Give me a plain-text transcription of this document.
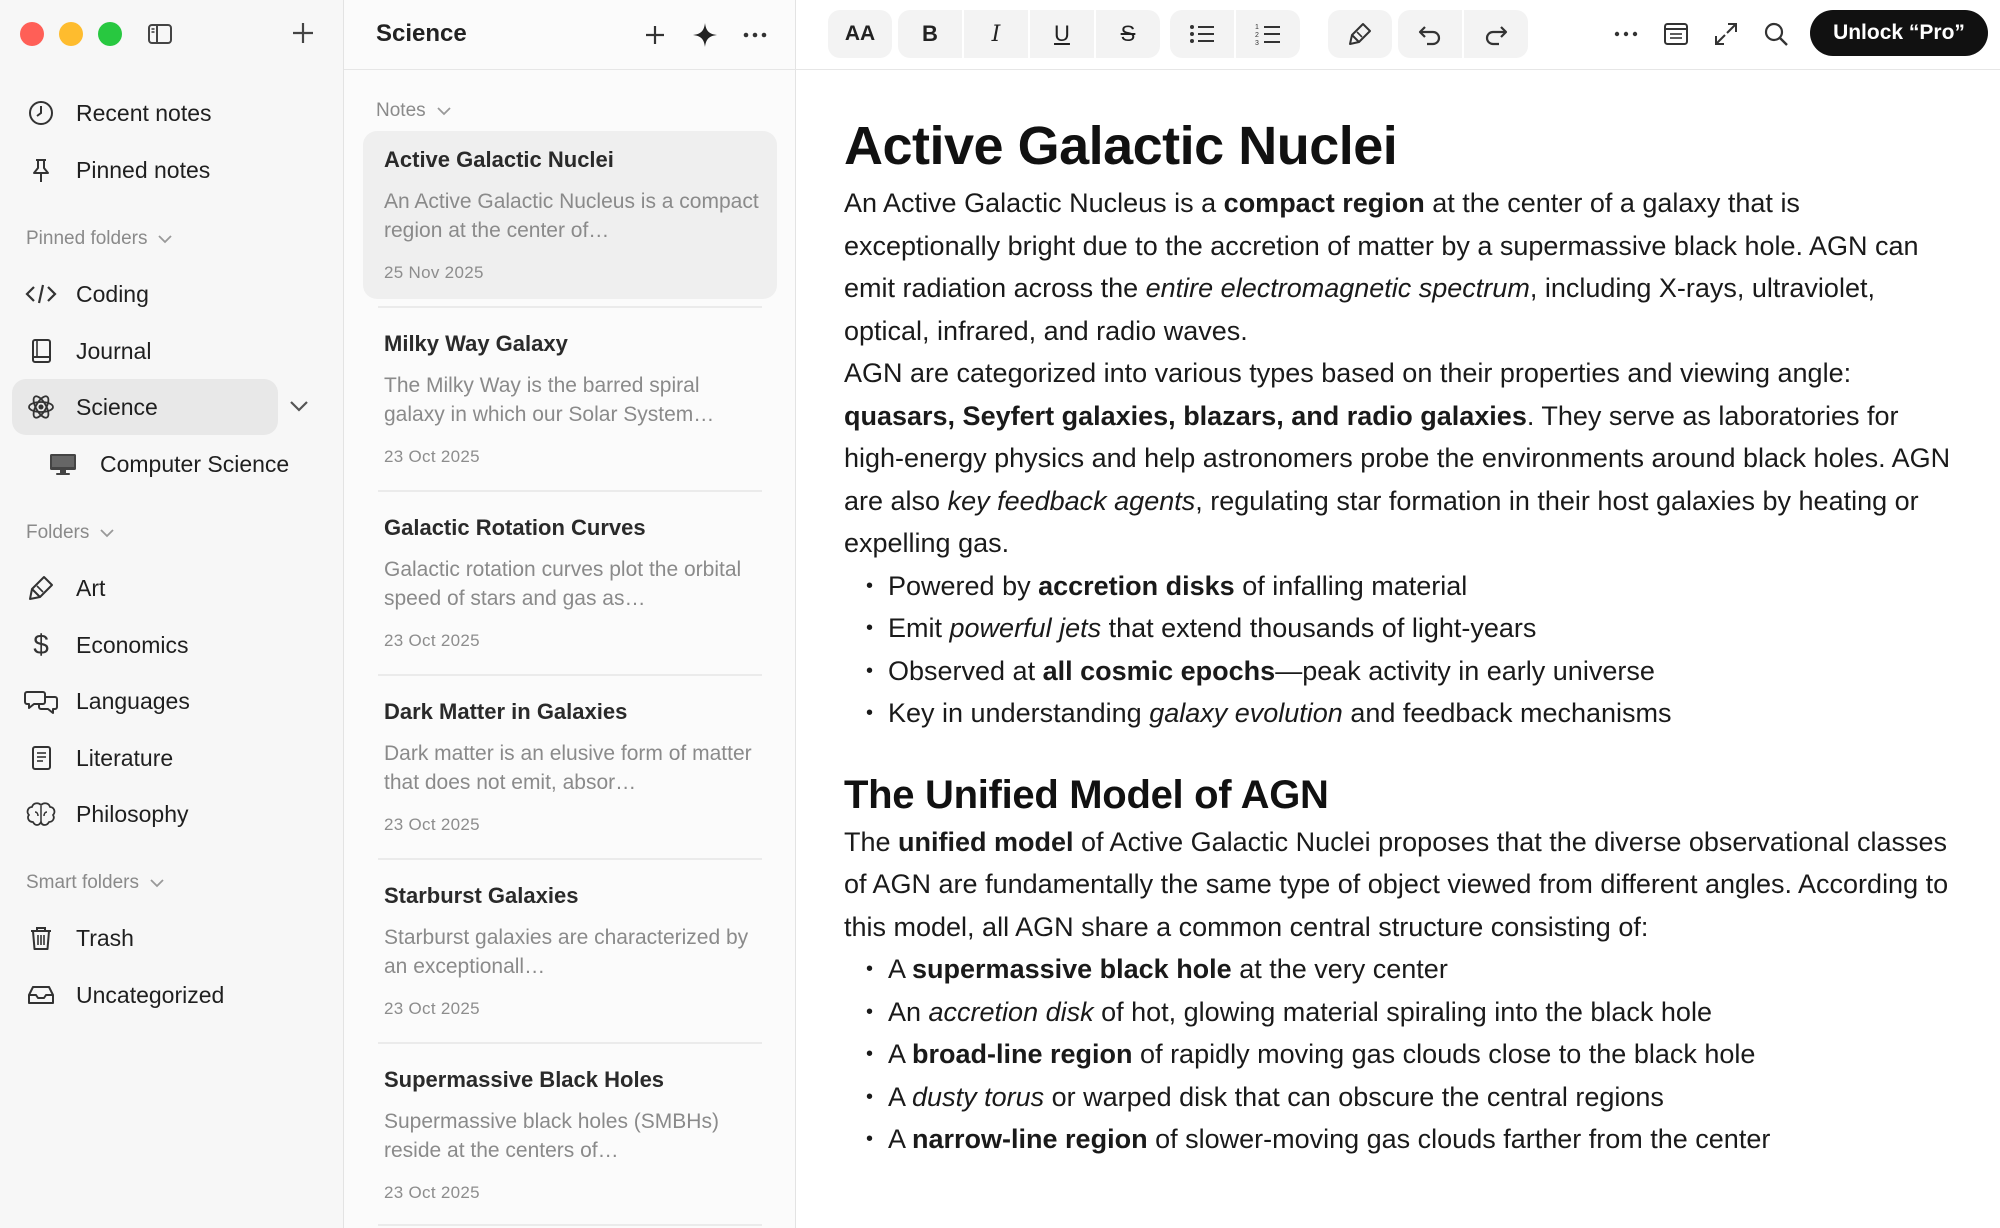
Recent notes
Pinned notes
Pinned folders
Coding
Journal
Science
Computer Science
Folders
Art
$	Economics
Languages
Literature
Philosophy
Smart folders
Trash
Uncategorized
Science
Notes
Active Galactic Nuclei
An Active Galactic Nucleus is a compact region at the center of…
25 Nov 2025
Milky Way Galaxy
The Milky Way is the barred spiral galaxy in which our Solar System…
23 Oct 2025
Galactic Rotation Curves
Galactic rotation curves plot the orbital speed of stars and gas as…
23 Oct 2025
Dark Matter in Galaxies
Dark matter is an elusive form of matter that does not emit, absor…
23 Oct 2025
Starburst Galaxies
Starburst galaxies are characterized by an exceptionall…
23 Oct 2025
Supermassive Black Holes
Supermassive black holes (SMBHs) reside at the centers of…
23 Oct 2025
AA	B	I	U	S	1
2
3	Unlock “Pro”
Active Galactic Nuclei

An Active Galactic Nucleus is a compact region at the center of a galaxy that is exceptionally bright due to the accretion of matter by a supermassive black hole. AGN can emit radiation across the entire electromagnetic spectrum, including X-rays, ultraviolet, optical, infrared, and radio waves.

AGN are categorized into various types based on their properties and viewing angle: quasars, Seyfert galaxies, blazars, and radio galaxies. They serve as laboratories for high-energy physics and help astronomers probe the environments around black holes. AGN are also key feedback agents, regulating star formation in their host galaxies by heating or expelling gas.

• Powered by accretion disks of infalling material
• Emit powerful jets that extend thousands of light-years
• Observed at all cosmic epochs—peak activity in early universe
• Key in understanding galaxy evolution and feedback mechanisms
The Unified Model of AGN

The unified model of Active Galactic Nuclei proposes that the diverse observational classes of AGN are fundamentally the same type of object viewed from different angles. According to this model, all AGN share a common central structure consisting of:

• A supermassive black hole at the very center
• An accretion disk of hot, glowing material spiraling into the black hole
• A broad-line region of rapidly moving gas clouds close to the black hole
• A dusty torus or warped disk that can obscure the central regions
• A narrow-line region of slower-moving gas clouds farther from the center
